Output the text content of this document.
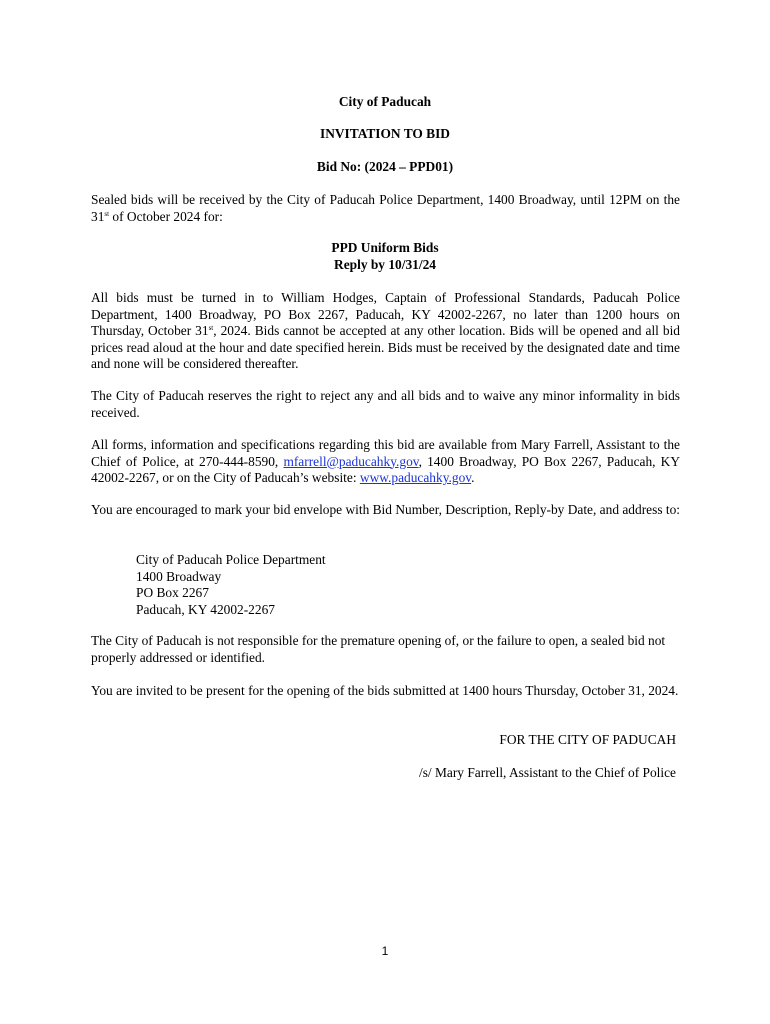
City of Paducah
INVITATION TO BID
Bid No: (2024 – PPD01)
Sealed bids will be received by the City of Paducah Police Department, 1400 Broadway, until 12PM on the 31st of October 2024 for:
PPD Uniform Bids
Reply by 10/31/24
All bids must be turned in to William Hodges, Captain of Professional Standards, Paducah Police Department, 1400 Broadway, PO Box 2267, Paducah, KY 42002-2267, no later than 1200 hours on Thursday, October 31st, 2024. Bids cannot be accepted at any other location. Bids will be opened and all bid prices read aloud at the hour and date specified herein. Bids must be received by the designated date and time and none will be considered thereafter.
The City of Paducah reserves the right to reject any and all bids and to waive any minor informality in bids received.
All forms, information and specifications regarding this bid are available from Mary Farrell, Assistant to the Chief of Police, at 270-444-8590, mfarrell@paducahky.gov, 1400 Broadway, PO Box 2267, Paducah, KY 42002-2267, or on the City of Paducah’s website: www.paducahky.gov.
You are encouraged to mark your bid envelope with Bid Number, Description, Reply-by Date, and address to:
City of Paducah Police Department
1400 Broadway
PO Box 2267
Paducah, KY 42002-2267
The City of Paducah is not responsible for the premature opening of, or the failure to open, a sealed bid not properly addressed or identified.
You are invited to be present for the opening of the bids submitted at 1400 hours Thursday, October 31, 2024.
FOR THE CITY OF PADUCAH
/s/ Mary Farrell, Assistant to the Chief of Police
1
